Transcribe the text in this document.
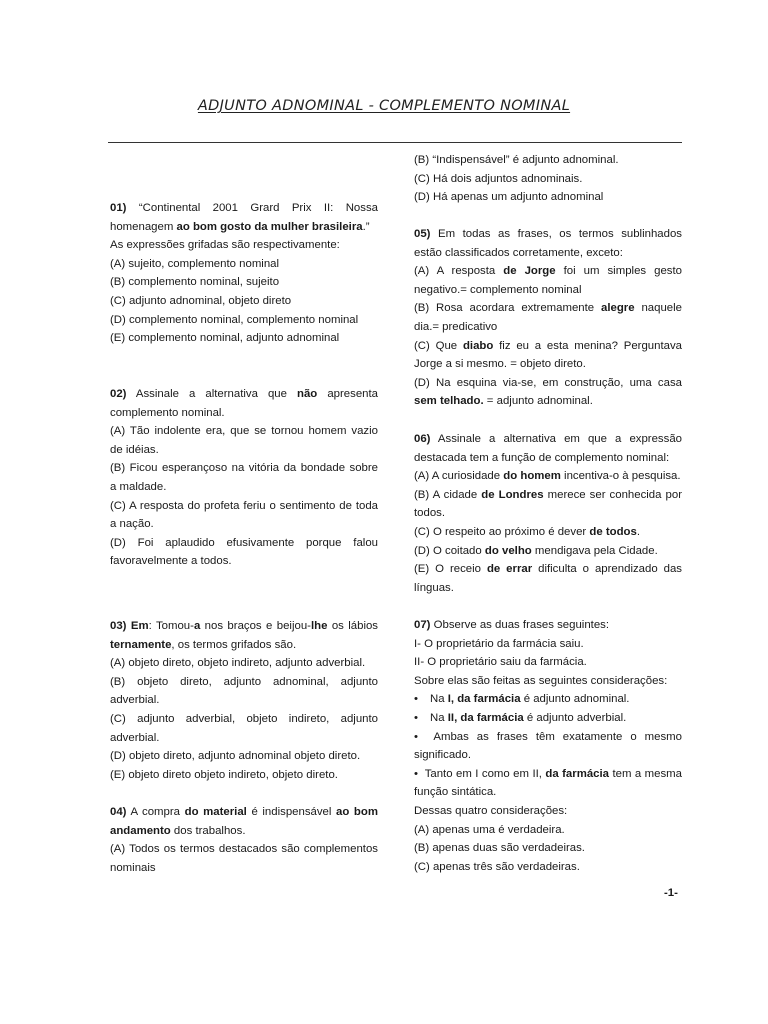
ADJUNTO ADNOMINAL - COMPLEMENTO NOMINAL

01) “Continental 2001 Grard Prix II: Nossa homenagem ao bom gosto da mulher brasileira.”

As expressões grifadas são respectivamente:

(A) sujeito, complemento nominal

(B) complemento nominal, sujeito

(C) adjunto adnominal, objeto direto

(D) complemento nominal, complemento nominal

(E) complemento nominal, adjunto adnominal

02) Assinale a alternativa que não apresenta complemento nominal.

(A) Tão indolente era, que se tornou homem vazio de idéias.

(B) Ficou esperançoso na vitória da bondade sobre a maldade.

(C) A resposta do profeta feriu o sentimento de toda a nação.

(D) Foi aplaudido efusivamente porque falou favoravelmente a todos.

03) Em: Tomou-a nos braços e beijou-lhe os lábios ternamente, os termos grifados são.

(A) objeto direto, objeto indireto, adjunto adverbial.

(B) objeto direto, adjunto adnominal, adjunto adverbial.

(C) adjunto adverbial, objeto indireto, adjunto adverbial.

(D) objeto direto, adjunto adnominal objeto direto.

(E) objeto direto objeto indireto, objeto direto.

04) A compra do material é indispensável ao bom andamento dos trabalhos.

(A) Todos os termos destacados são complementos nominais

(B) “Indispensável” é adjunto adnominal.

(C) Há dois adjuntos adnominais.

(D) Há apenas um adjunto adnominal

05) Em todas as frases, os termos sublinhados estão classificados corretamente, exceto:

(A) A resposta de Jorge foi um simples gesto negativo.= complemento nominal

(B) Rosa acordara extremamente alegre naquele dia.= predicativo

(C) Que diabo fiz eu a esta menina? Perguntava Jorge a si mesmo. = objeto direto.

(D) Na esquina via-se, em construção, uma casa sem telhado. = adjunto adnominal.

06) Assinale a alternativa em que a expressão destacada tem a função de complemento nominal:

(A) A curiosidade do homem incentiva-o à pesquisa.

(B) A cidade de Londres merece ser conhecida por todos.

(C) O respeito ao próximo é dever de todos.

(D) O coitado do velho mendigava pela Cidade.

(E) O receio de errar dificulta o aprendizado das línguas.

07) Observe as duas frases seguintes:

I- O proprietário da farmácia saiu.

II- O proprietário saiu da farmácia.

Sobre elas são feitas as seguintes considerações:

•	Na I, da farmácia é adjunto adnominal.
•	Na II, da farmácia é adjunto adverbial.

• Ambas as frases têm exatamente o mesmo significado.

• Tanto em I como em II, da farmácia tem a mesma função sintática.

Dessas quatro considerações:

(A) apenas uma é verdadeira.

(B) apenas duas são verdadeiras.

(C) apenas três são verdadeiras.

-1-
